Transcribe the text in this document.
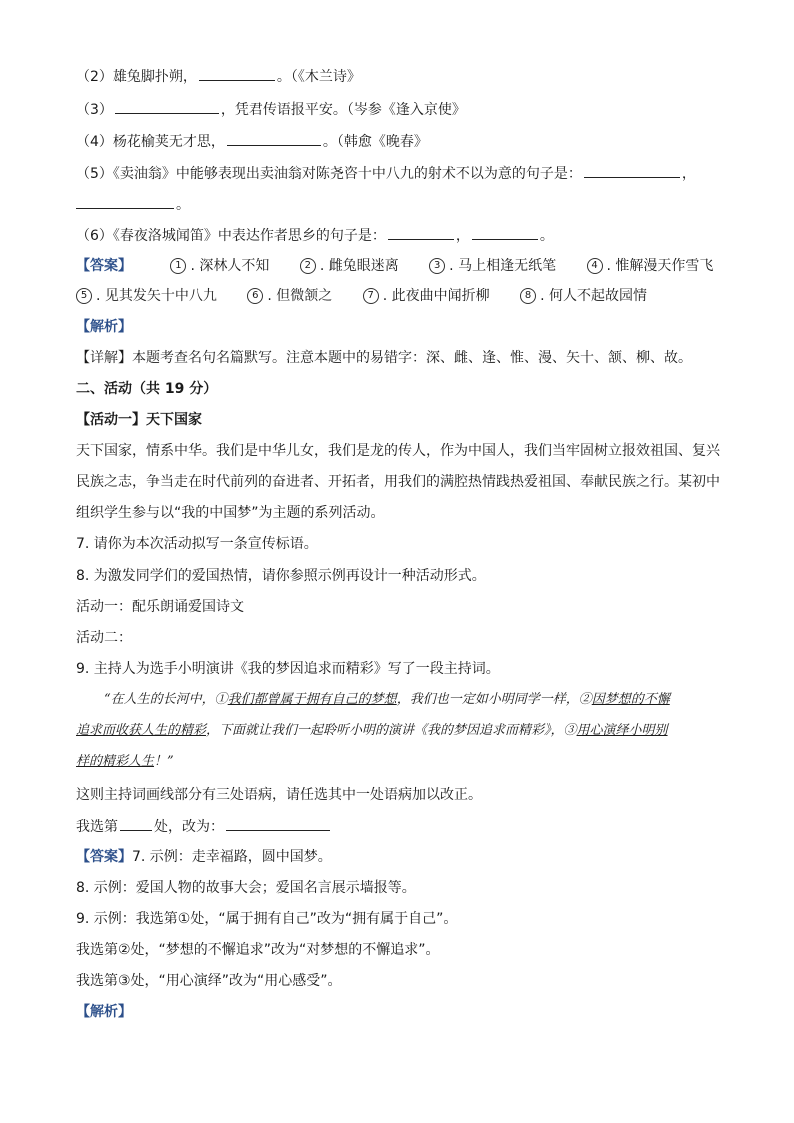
（2）雄兔脚扑朔，	。（《木兰诗》
（3）	，凭君传语报平安。（岑参《逢入京使》
（4）杨花榆荚无才思，	。（韩愈《晚春》
（5）《卖油翁》中能够表现出卖油翁对陈尧咨十中八九的射术不以为意的句子是：	，
。
（6）《春夜洛城闻笛》中表达作者思乡的句子是：	，	。
【答案】	1 . 深林人不知	2 . 雌兔眼迷离	3 . 马上相逢无纸笔	4 . 惟解漫天作雪飞
5 . 见其发矢十中八九	6 . 但微颔之	7 . 此夜曲中闻折柳	8 . 何人不起故园情
【解析】
【详解】本题考查名句名篇默写。注意本题中的易错字：深、雌、逢、惟、漫、矢十、颔、柳、故。
二、活动（共 19 分）
【活动一】天下国家
天下国家，情系中华。我们是中华儿女，我们是龙的传人，作为中国人，我们当牢固树立报效祖国、复兴
民族之志，争当走在时代前列的奋进者、开拓者，用我们的满腔热情践热爱祖国、奉献民族之行。某初中
组织学生参与以“我的中国梦”为主题的系列活动。
7. 请你为本次活动拟写一条宣传标语。
8. 为激发同学们的爱国热情，请你参照示例再设计一种活动形式。
活动一：配乐朗诵爱国诗文
活动二：
9. 主持人为选手小明演讲《我的梦因追求而精彩》写了一段主持词。
“在人生的长河中，①我们都曾属于拥有自己的梦想，我们也一定如小明同学一样，②因梦想的不懈
追求而收获人生的精彩，下面就让我们一起聆听小明的演讲《我的梦因追求而精彩》，③用心演绎小明别
样的精彩人生！”
这则主持词画线部分有三处语病，请任选其中一处语病加以改正。
我选第	处，改为：
【答案】7. 示例：走幸福路，圆中国梦。
8. 示例：爱国人物的故事大会；爱国名言展示墙报等。
9. 示例：我选第①处，“属于拥有自己”改为“拥有属于自己”。
我选第②处，“梦想的不懈追求”改为“对梦想的不懈追求”。
我选第③处，“用心演绎”改为“用心感受”。
【解析】
